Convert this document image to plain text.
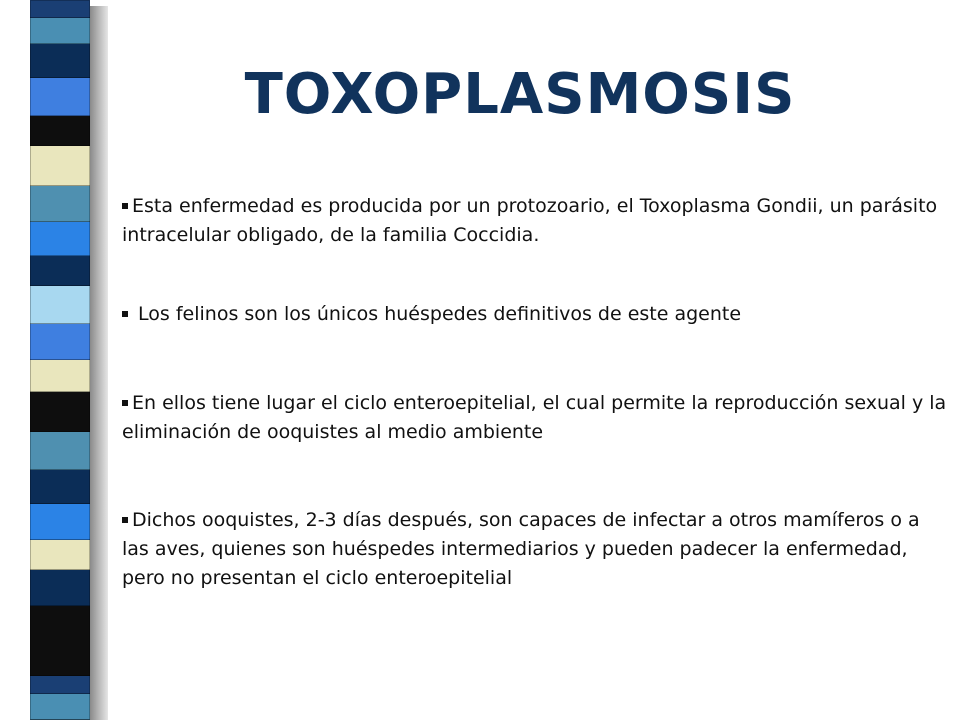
TOXOPLASMOSIS
Esta enfermedad es producida por un protozoario, el Toxoplasma Gondii, un parásito intracelular obligado, de la familia Coccidia.
Los felinos son los únicos huéspedes definitivos de este agente
En ellos tiene lugar el ciclo enteroepitelial, el cual permite la reproducción sexual y la eliminación de ooquistes al medio ambiente
Dichos ooquistes, 2-3 días después, son capaces de infectar a otros mamíferos o a las aves, quienes son huéspedes intermediarios y pueden padecer la enfermedad, pero no presentan el ciclo enteroepitelial
